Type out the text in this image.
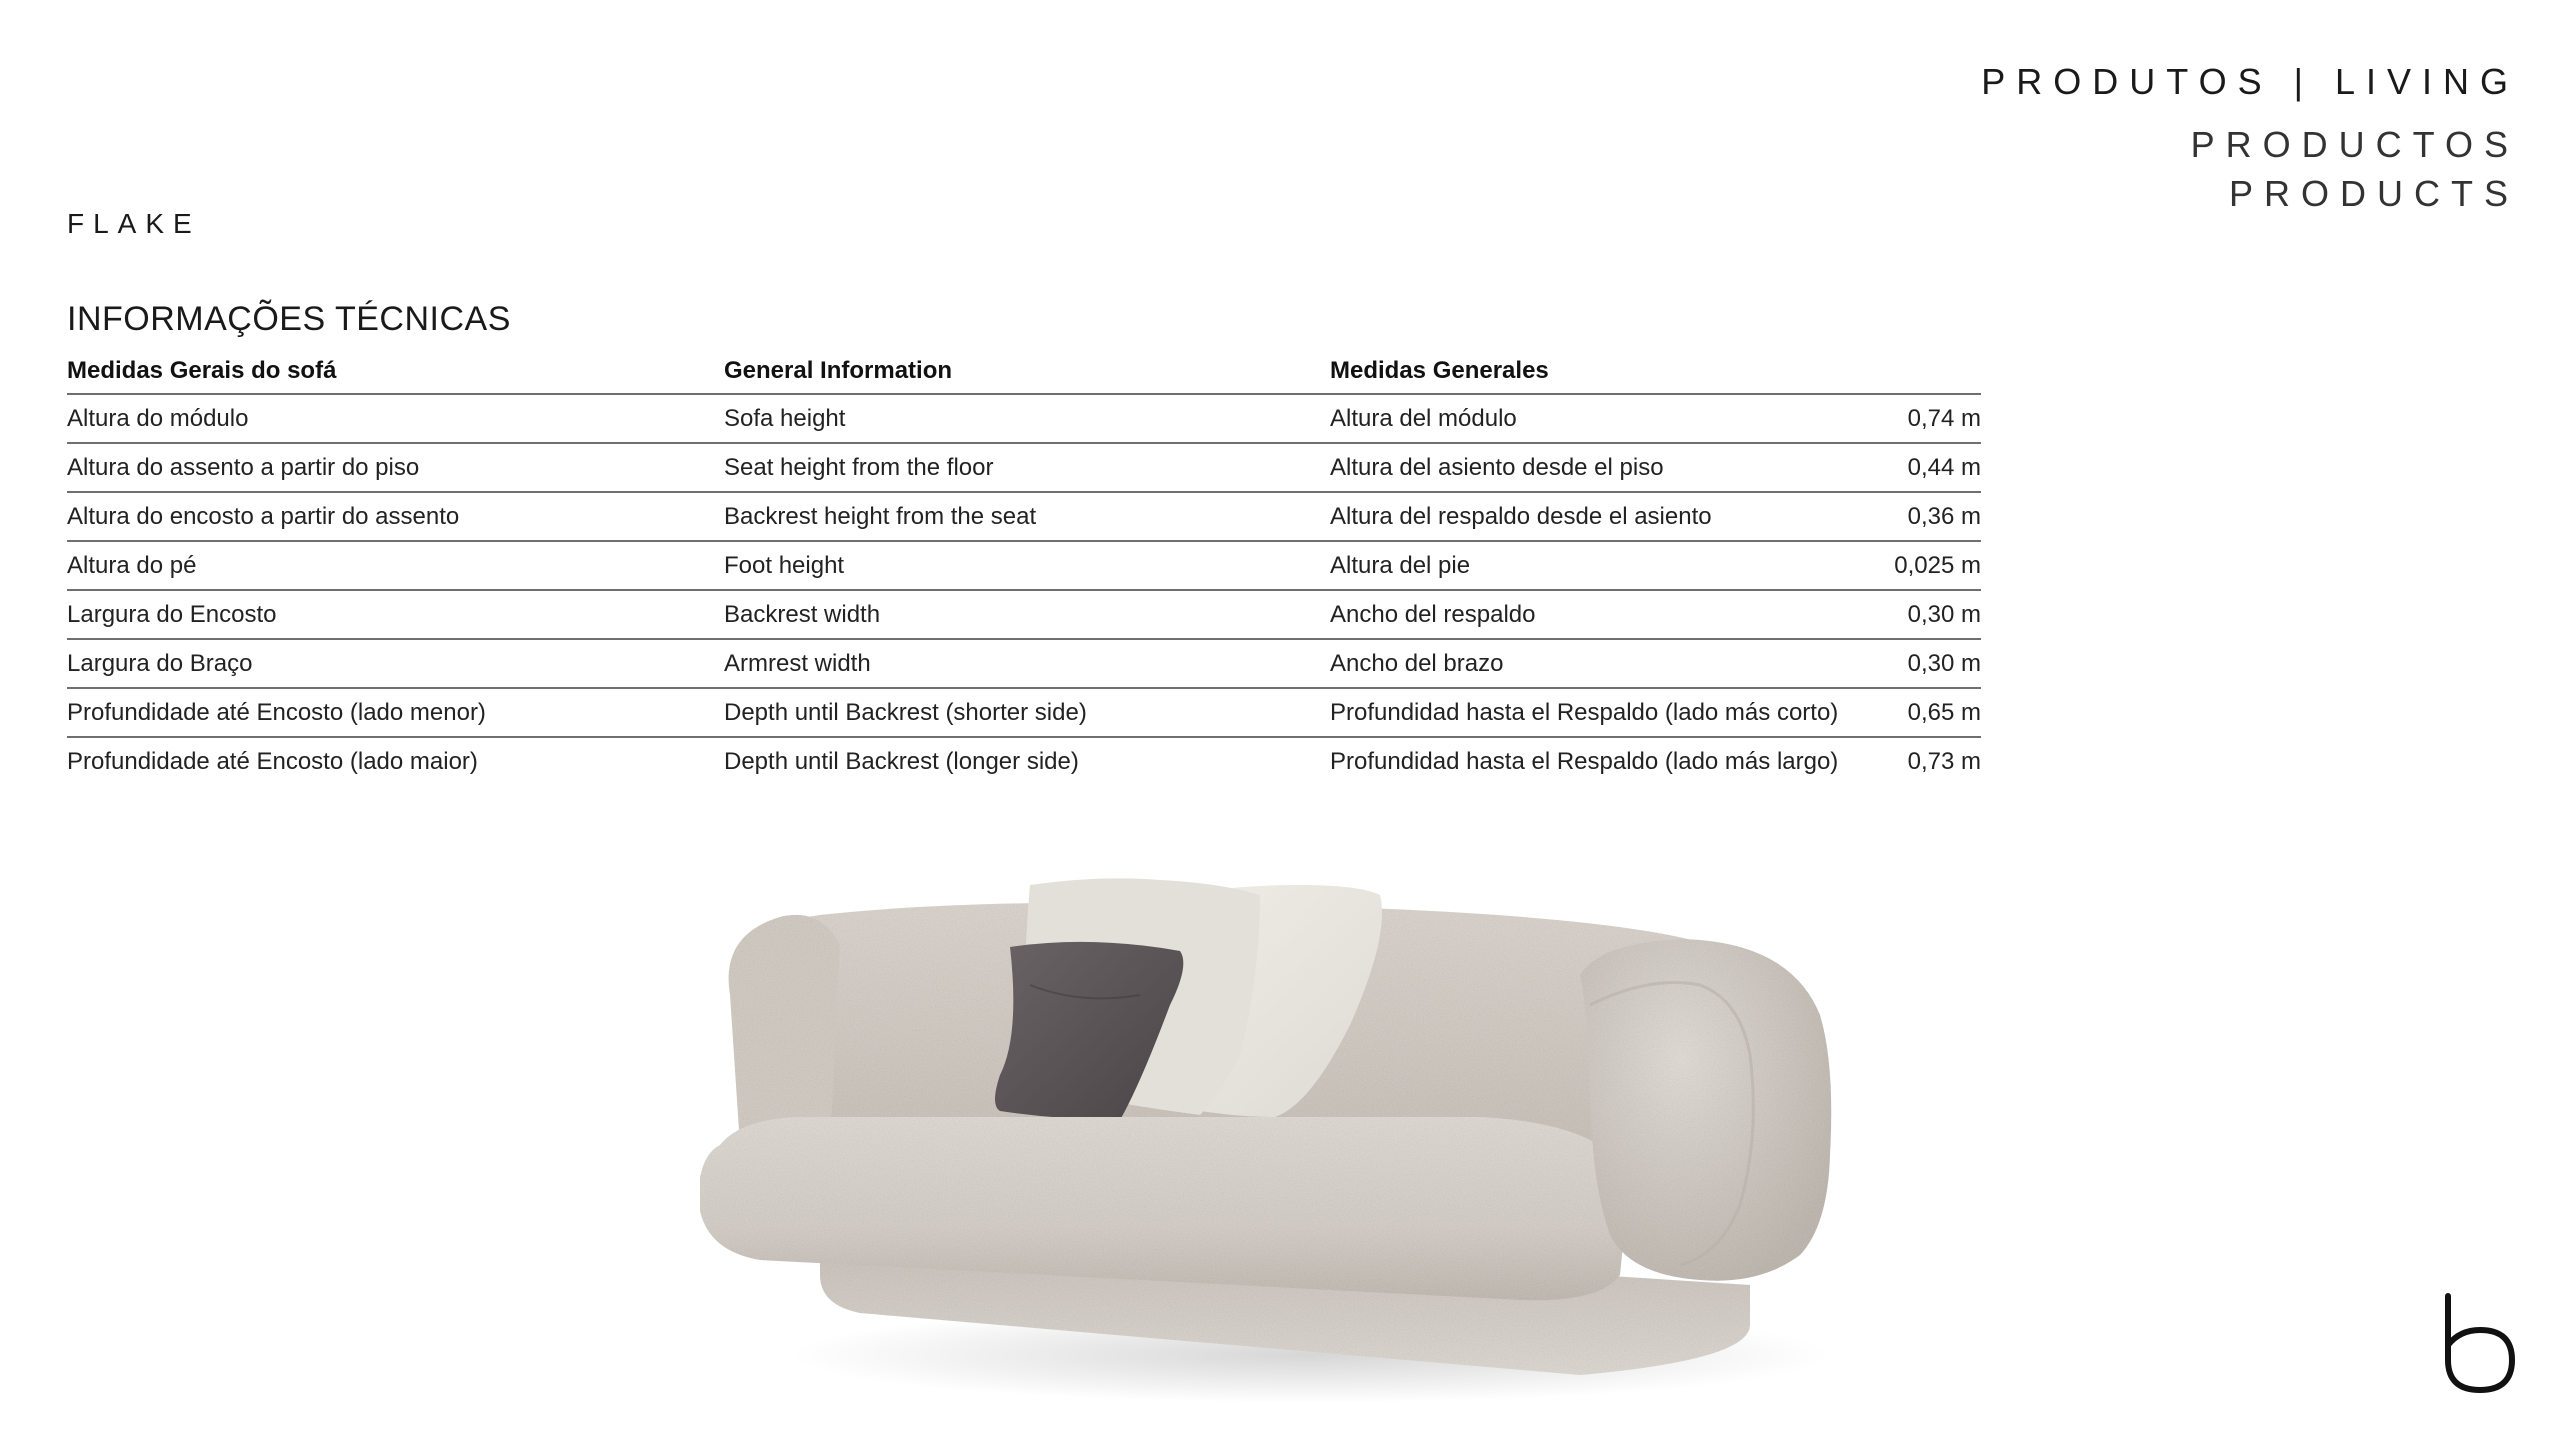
PRODUTOS | LIVING
PRODUCTOS
PRODUCTS
FLAKE
INFORMAÇÕES TÉCNICAS
Medidas Gerais do sofá	General Information	Medidas Generales
Altura do módulo	Sofa height	Altura del módulo	0,74 m
Altura do assento a partir do piso	Seat height from the floor	Altura del asiento desde el piso	0,44 m
Altura do encosto a partir do assento	Backrest height from the seat	Altura del respaldo desde el asiento	0,36 m
Altura do pé	Foot height	Altura del pie	0,025 m
Largura do Encosto	Backrest width	Ancho del respaldo	0,30 m
Largura do Braço	Armrest width	Ancho del brazo	0,30 m
Profundidade até Encosto (lado menor)	Depth until Backrest (shorter side)	Profundidad hasta el Respaldo (lado más corto)	0,65 m
Profundidade até Encosto (lado maior)	Depth until Backrest (longer side)	Profundidad hasta el Respaldo (lado más largo)	0,73 m
